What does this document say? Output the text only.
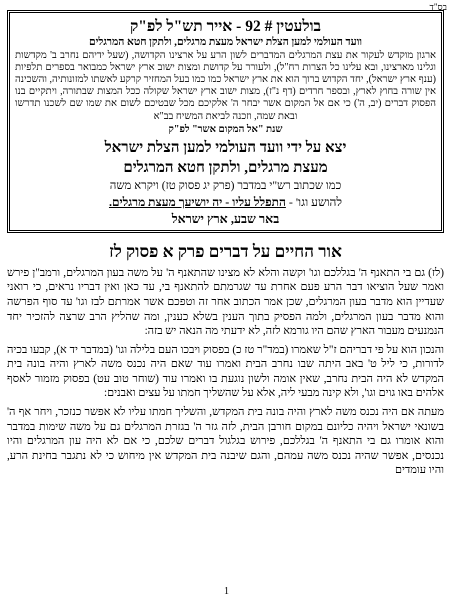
בס"ד
בולעטין # 92 - אייר תש"ל לפ"ק
וועד העולמי למען הצלת ישראל מעצת מרגלים, ולתקן חטא המרגלים

ארגון מוקדש לעקור את עצת המרגלים המדברים לשון הרע על ארצינו הקדושה, (שעל ידיהם נחרב ב' מקדשות וגלינו מארצינו, ובא עלינו כל הצרות רח"ל), ולעורר על קדושת ומצות ישוב ארץ ישראל כמבואר בספרים תלפיות (ענף ארץ ישראל), יחד הקדוש ברוך הוא את ארץ ישראל כמו כמו בעל המחזיר קרקע לאשתו למזונותיה, והשכינה אין שורה בחוץ לארץ, ובספר חרדים (דף נ"ז), מצות ישוב ארץ ישראל שקולה ככל המצות שבתורה, ויתקיים בנו הפסוק דברים (יב, ה') כי אם אל המקום אשר יבחר ה' אלקיכם מכל שבטיכם לשום את שמו שם לשכנו תדרשו ובאת שמה, וזכנה לביאת המשיח בב"א

שנת "אל המקום אשר" לפ"ק
יצא על ידי וועד העולמי למען הצלת ישראל
מעצת מרגלים, ולתקן חטא המרגלים
כמו שכתוב רש"י במדבר (פרק יג פסוק טז) ויקרא משה
להושע וגו' - התפלל עליו - יה יושיעך מעצת מרגלים.
באר שבע, ארץ ישראל
אור החיים על דברים פרק א פסוק לז

(לז) גם בי התאנף ה' בגללכם וגו' וקשה והלא לא מצינו שהתאנף ה' על משה בעון המרגלים, ורמב"ן פירש ואמר שעל הוציאו דבר הרע פעם אחרת עד שגרמתם להתאנף בי, עד כאן ואין דבריו נראים, כי רואני שעדיין הוא מדבר בעון המרגלים, שכן אמר הכתוב אחר זה וטפכם אשר אמרתם לבז וגו' עד סוף הפרשה והוא מדבר בעון המרגלים, ולמה הפסיק בתוך הענין בשלא כענין, ומה שהליץ הרב שרצה להזכיר יחד הנמנעים מעבור הארץ שהם היו גורמא לזה, לא ידעתי מה הנאה יש בזה:

והנכון הוא על פי דבריהם ז"ל שאמרו (במד"ר טז כ) בפסוק ויבכו העם בלילה וגו' (במדבר יד א), קבעו בכיה לדורות, כי ליל ט' באב היתה שבו נחרב הבית ואמרו עוד שאם היה נכנס משה לארץ והיה בונה בית המקדש לא היה הבית נחרב, שאין אומה ולשון נוגעת בו ואמרו עוד (שוחר טוב עט) בפסוק מזמור לאסף אלהים באו גוים וגו', ולא קינה מבעי ליה, אלא על שהשליך חמתו על עצים ואבנים:

מעתה אם היה נכנס משה לארץ והיה בונה בית המקדש, והשליך חמתו עליו לא אפשר כנזכר, ויחר אף ה' בשונאי ישראל ויהיה כליונם במקום חורבן הבית, לזה גזר ה' בגזרת המרגלים גם על משה שימות במדבר והוא אומרו גם בי התאנף ה' בגללכם, פירוש בגלגול דברים שלכם, כי אם לא היה עון המרגלים והיו נכנסים, אפשר שהיה נכנס משה עמהם, והגם שיבנה בית המקדש אין מיחוש כי לא נתגבר בחינת הרע, והיו עומדים

1
